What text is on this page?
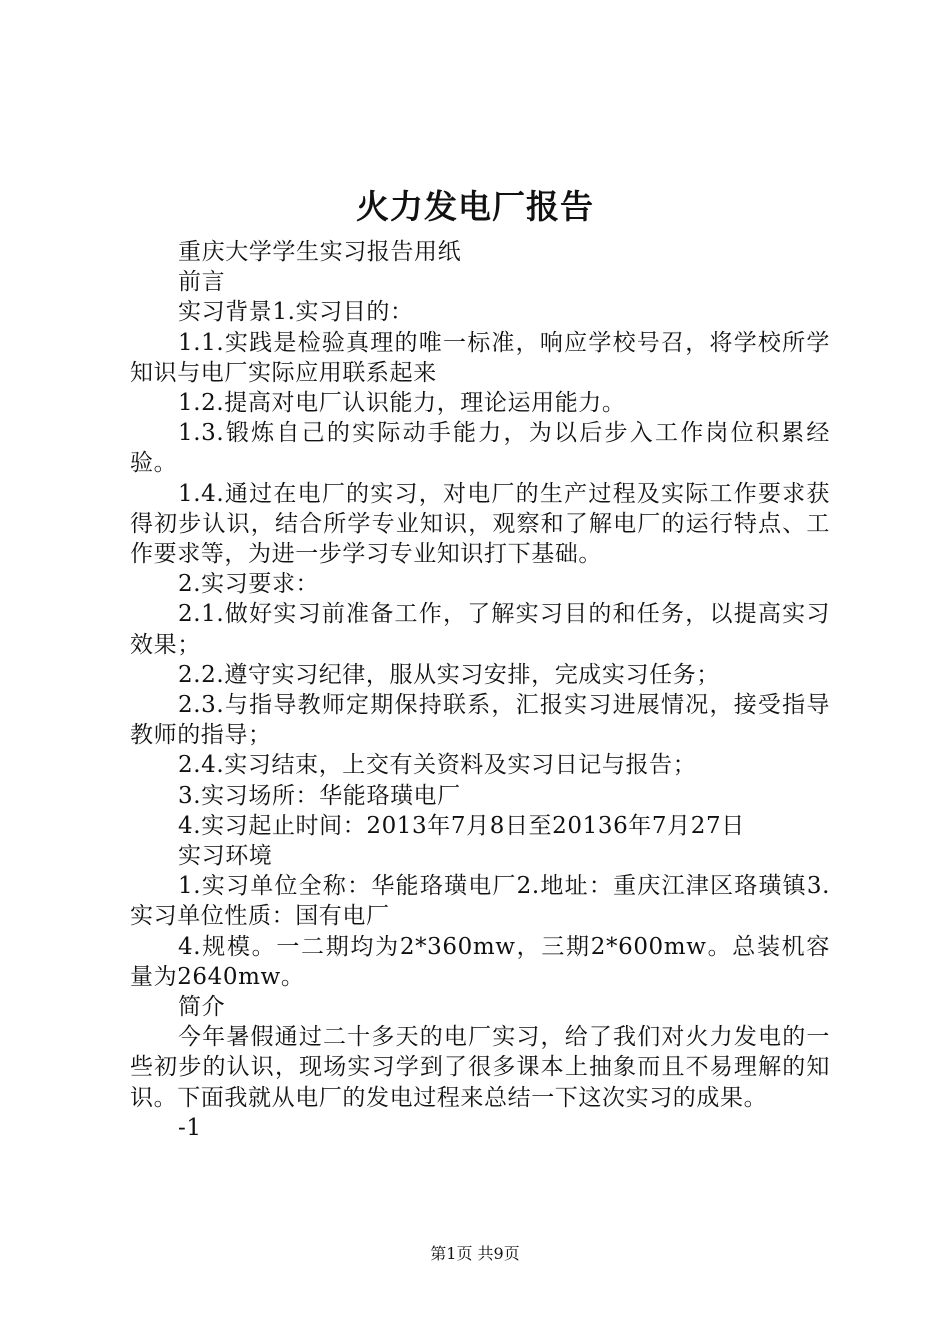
火力发电厂报告

重庆大学学生实习报告用纸

前言

实习背景1.实习目的：

1.1.实践是检验真理的唯一标准，响应学校号召，将学校所学知识与电厂实际应用联系起来

1.2.提高对电厂认识能力，理论运用能力。

1.3.锻炼自己的实际动手能力，为以后步入工作岗位积累经验。

1.4.通过在电厂的实习，对电厂的生产过程及实际工作要求获得初步认识，结合所学专业知识，观察和了解电厂的运行特点、工作要求等，为进一步学习专业知识打下基础。

2.实习要求：

2.1.做好实习前准备工作，了解实习目的和任务，以提高实习效果；

2.2.遵守实习纪律，服从实习安排，完成实习任务；

2.3.与指导教师定期保持联系，汇报实习进展情况，接受指导教师的指导；

2.4.实习结束，上交有关资料及实习日记与报告；

3.实习场所：华能珞璜电厂

4.实习起止时间：2013年7月8日至20136年7月27日

实习环境

1.实习单位全称：华能珞璜电厂2.地址：重庆江津区珞璜镇3.实习单位性质：国有电厂

4.规模。一二期均为2*360mw，三期2*600mw。总装机容量为2640mw。

简介

今年暑假通过二十多天的电厂实习，给了我们对火力发电的一些初步的认识，现场实习学到了很多课本上抽象而且不易理解的知识。下面我就从电厂的发电过程来总结一下这次实习的成果。

-1

第1页 共9页
